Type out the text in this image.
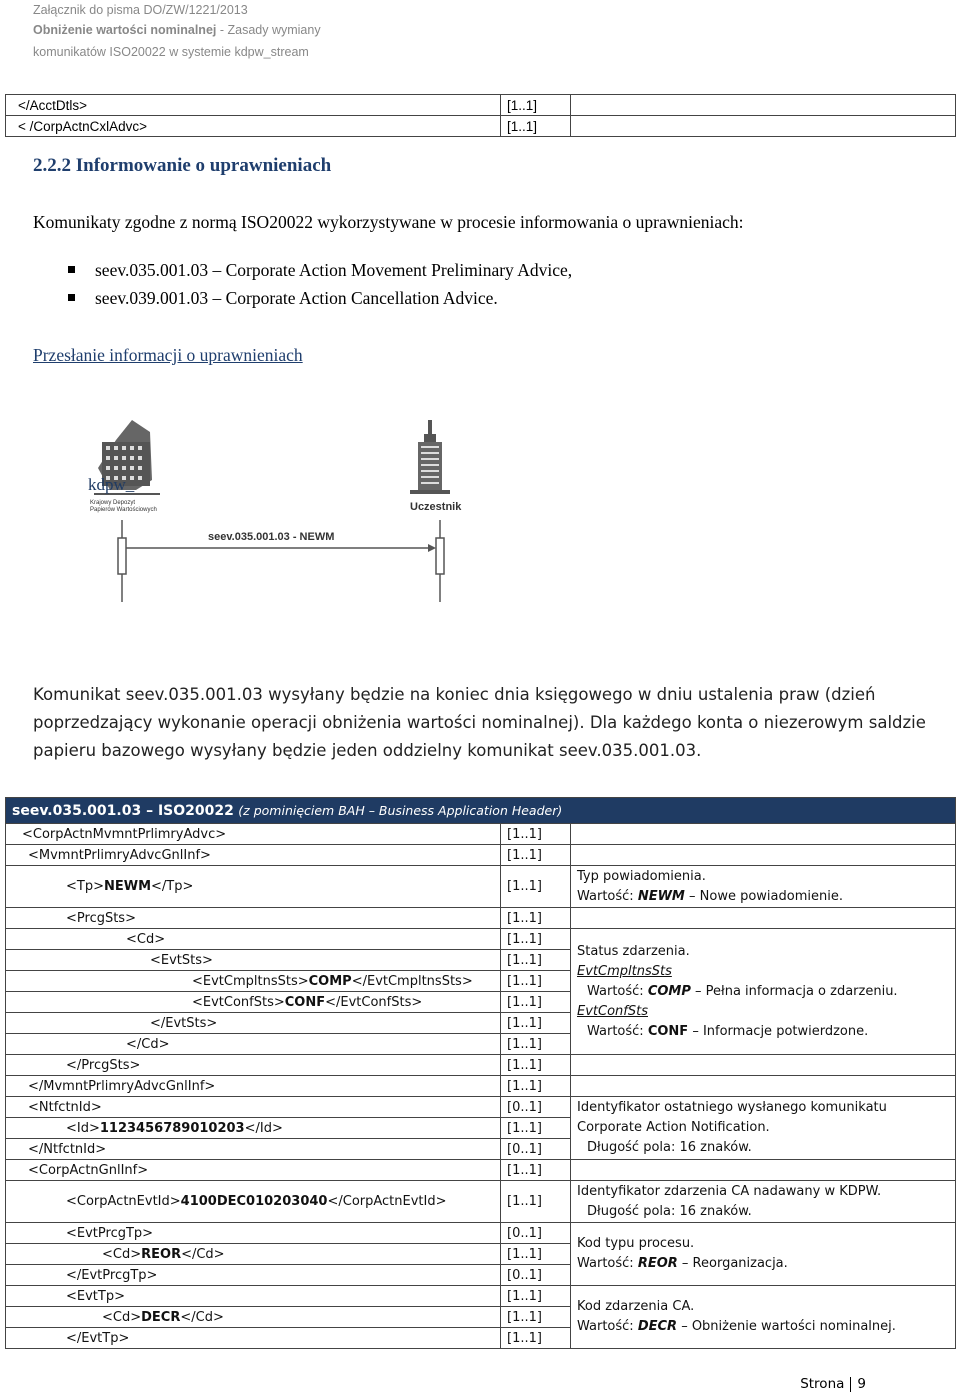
Załącznik do pisma DO/ZW/1221/2013
Obniżenie wartości nominalnej - Zasady wymiany
komunikatów ISO20022 w systemie kdpw_stream
</AcctDtls>	[1..1]	
< /CorpActnCxlAdvc>	[1..1]	
2.2.2 Informowanie o uprawnieniach
Komunikaty zgodne z normą ISO20022 wykorzystywane w procesie informowania o uprawnieniach:
seev.035.001.03 – Corporate Action Movement Preliminary Advice,
seev.039.001.03 – Corporate Action Cancellation Advice.
Przesłanie informacji o uprawnieniach
kdpw_
Krajowy Depozyt
Papierów Wartościowych	Uczestnik
seev.035.001.03 - NEWM
Komunikat seev.035.001.03 wysyłany będzie na koniec dnia księgowego w dniu ustalenia praw (dzień poprzedzający wykonanie operacji obniżenia wartości nominalnej). Dla każdego konta o niezerowym saldzie papieru bazowego wysyłany będzie jeden oddzielny komunikat seev.035.001.03.
seev.035.001.03 – ISO20022 (z pominięciem BAH – Business Application Header)		
<CorpActnMvmntPrlimryAdvc>	[1..1]	
<MvmntPrlimryAdvcGnlInf>	[1..1]	
<Tp>NEWM</Tp>	[1..1]	Typ powiadomienia.
Wartość: NEWM – Nowe powiadomienie.

<PrcgSts>	[1..1]	
<Cd>	[1..1]	Status zdarzenia.
EvtCmpltnsSts
Wartość: COMP – Pełna informacja o zdarzeniu.
EvtConfSts
Wartość: CONF – Informacje potwierdzone.

<EvtSts>	[1..1]	
<EvtCmpltnsSts>COMP</EvtCmpltnsSts>	[1..1]	
<EvtConfSts>CONF</EvtConfSts>	[1..1]	
</EvtSts>	[1..1]	
</Cd>	[1..1]	
</PrcgSts>	[1..1]	
</MvmntPrlimryAdvcGnlInf>	[1..1]	
<NtfctnId>	[0..1]	Identyfikator ostatniego wysłanego komunikatu
Corporate Action Notification.
Długość pola: 16 znaków.

<Id>1123456789010203</Id>	[1..1]	
</NtfctnId>	[0..1]	
<CorpActnGnlInf>	[1..1]	
<CorpActnEvtId>4100DEC010203040</CorpActnEvtId>	[1..1]	Identyfikator zdarzenia CA nadawany w KDPW.
Długość pola: 16 znaków.

<EvtPrcgTp>	[0..1]	Kod typu procesu.
Wartość: REOR – Reorganizacja.

<Cd>REOR</Cd>	[1..1]	
</EvtPrcgTp>	[0..1]	
<EvtTp>	[1..1]	Kod zdarzenia CA.
Wartość: DECR – Obniżenie wartości nominalnej.

<Cd>DECR</Cd>	[1..1]	
</EvtTp>	[1..1]	
Strona 9
